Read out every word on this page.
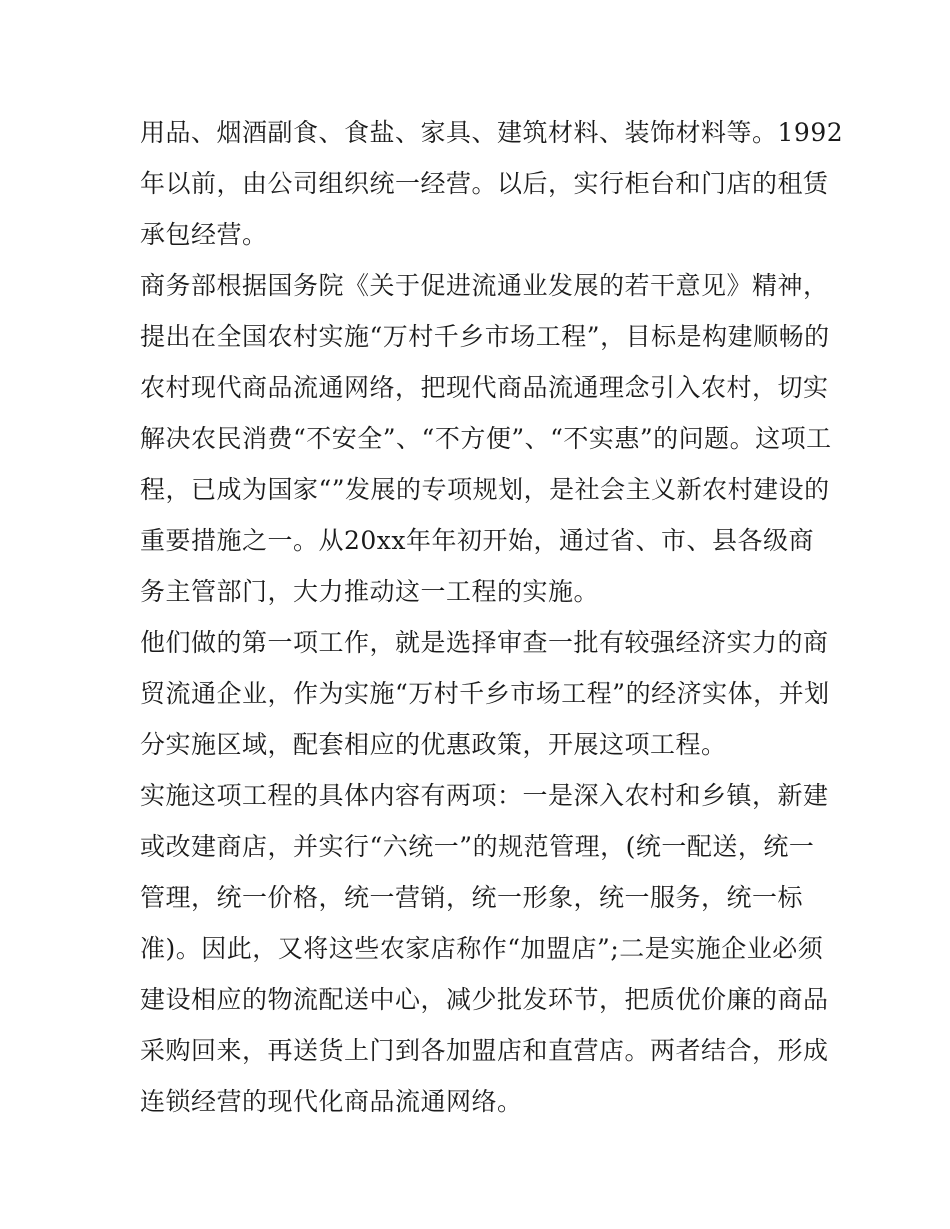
用品、烟酒副食、食盐、家具、建筑材料、装饰材料等。1992
年以前，由公司组织统一经营。以后，实行柜台和门店的租赁
承包经营。
商务部根据国务院《关于促进流通业发展的若干意见》精神，
提出在全国农村实施“万村千乡市场工程”，目标是构建顺畅的
农村现代商品流通网络，把现代商品流通理念引入农村，切实
解决农民消费“不安全”、“不方便”、“不实惠”的问题。这项工
程，已成为国家“”发展的专项规划，是社会主义新农村建设的
重要措施之一。从20xx年年初开始，通过省、市、县各级商
务主管部门，大力推动这一工程的实施。
他们做的第一项工作，就是选择审查一批有较强经济实力的商
贸流通企业，作为实施“万村千乡市场工程”的经济实体，并划
分实施区域，配套相应的优惠政策，开展这项工程。
实施这项工程的具体内容有两项：一是深入农村和乡镇，新建
或改建商店，并实行“六统一”的规范管理，(统一配送，统一
管理，统一价格，统一营销，统一形象，统一服务，统一标
准)。因此，又将这些农家店称作“加盟店”;二是实施企业必须
建设相应的物流配送中心，减少批发环节，把质优价廉的商品
采购回来，再送货上门到各加盟店和直营店。两者结合，形成
连锁经营的现代化商品流通网络。
